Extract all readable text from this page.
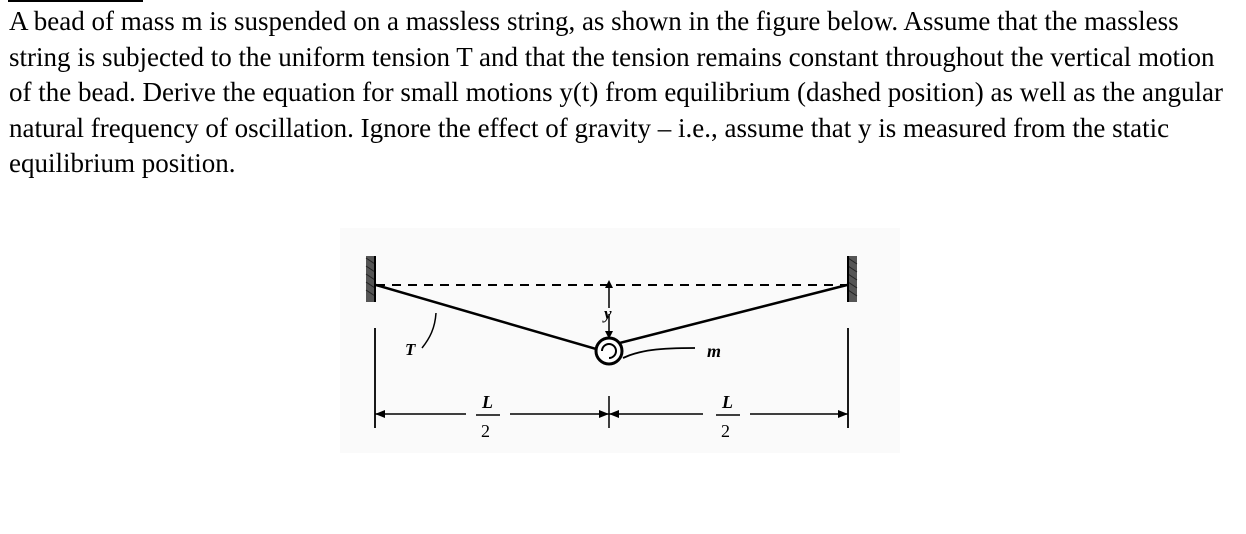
A bead of mass m is suspended on a massless string, as shown in the figure below. Assume that the massless string is subjected to the uniform tension T and that the tension remains constant throughout the vertical motion of the bead. Derive the equation for small motions y(t) from equilibrium (dashed position) as well as the angular natural frequency of oscillation. Ignore the effect of gravity – i.e., assume that y is measured from the static equilibrium position.

y
T	m
L
2
L
2
